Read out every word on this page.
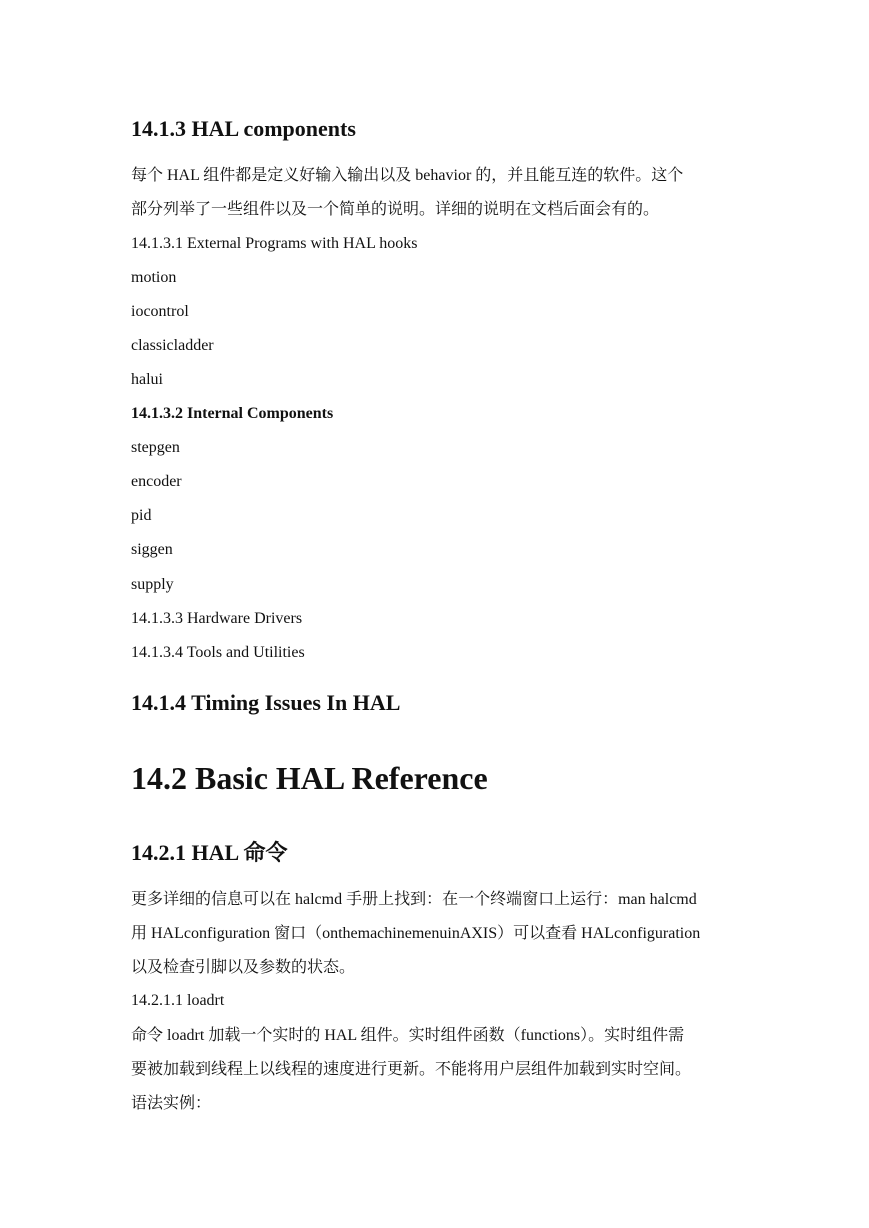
14.1.3 HAL components

每个 HAL 组件都是定义好输入输出以及 behavior 的，并且能互连的软件。这个

部分列举了一些组件以及一个简单的说明。详细的说明在文档后面会有的。

14.1.3.1 External Programs with HAL hooks

motion

iocontrol

classicladder

halui

14.1.3.2 Internal Components

stepgen

encoder

pid

siggen

supply

14.1.3.3 Hardware Drivers

14.1.3.4 Tools and Utilities

14.1.4 Timing Issues In HAL
14.2 Basic HAL Reference
14.2.1 HAL 命令

更多详细的信息可以在 halcmd 手册上找到：在一个终端窗口上运行：man halcmd

用 HALconfiguration 窗口（onthemachinemenuinAXIS）可以查看 HALconfiguration

以及检查引脚以及参数的状态。

14.2.1.1 loadrt

命令 loadrt 加载一个实时的 HAL 组件。实时组件函数（functions）。实时组件需

要被加载到线程上以线程的速度进行更新。不能将用户层组件加载到实时空间。

语法实例：
